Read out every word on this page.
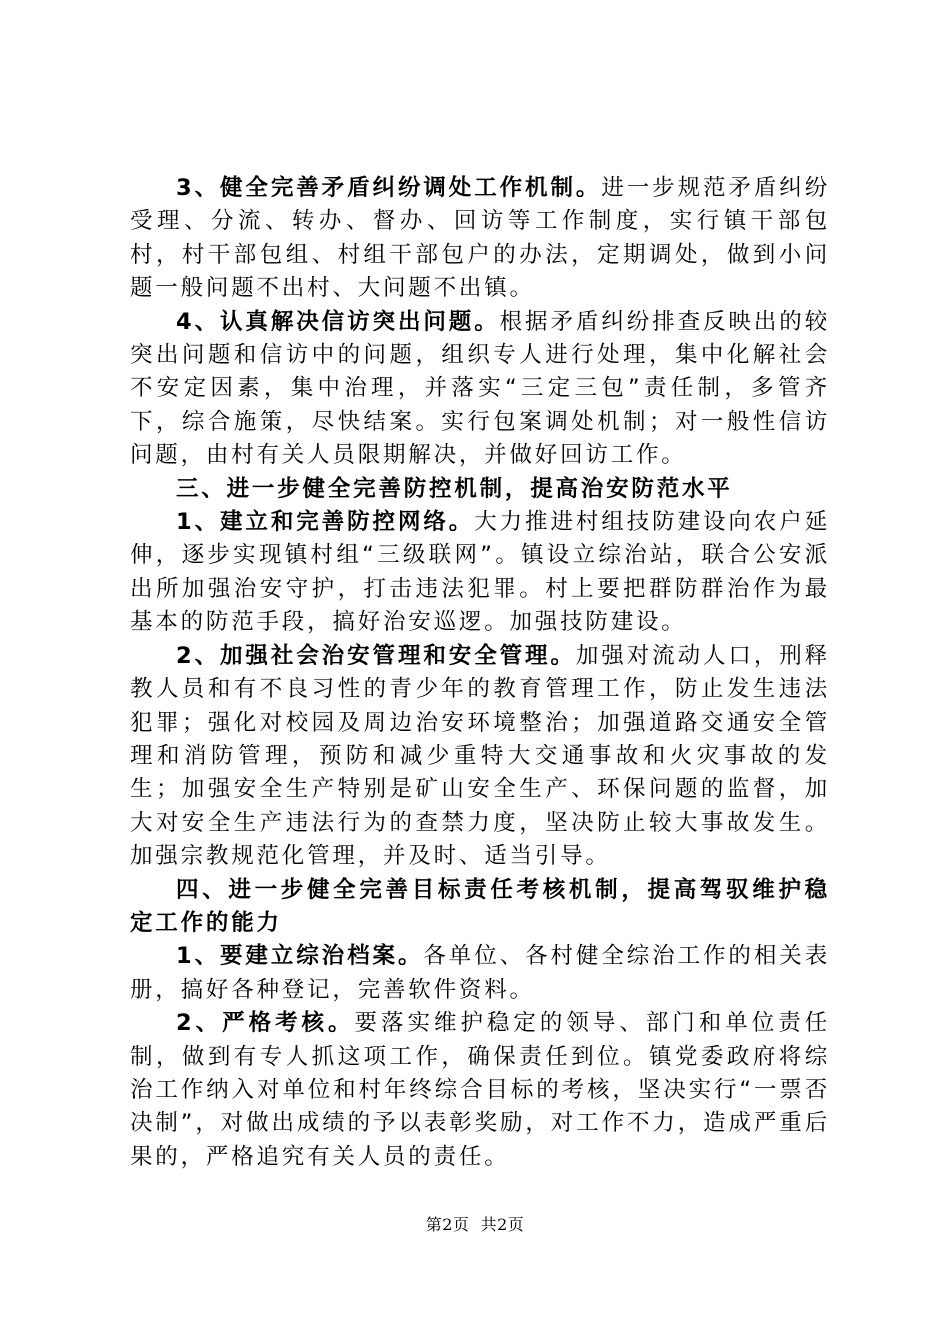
3、健全完善矛盾纠纷调处工作机制。进一步规范矛盾纠纷受理、分流、转办、督办、回访等工作制度，实行镇干部包村，村干部包组、村组干部包户的办法，定期调处，做到小问题一般问题不出村、大问题不出镇。

4、认真解决信访突出问题。根据矛盾纠纷排查反映出的较突出问题和信访中的问题，组织专人进行处理，集中化解社会不安定因素，集中治理，并落实“三定三包”责任制，多管齐下，综合施策，尽快结案。实行包案调处机制；对一般性信访问题，由村有关人员限期解决，并做好回访工作。

三、进一步健全完善防控机制，提高治安防范水平

1、建立和完善防控网络。大力推进村组技防建设向农户延伸，逐步实现镇村组“三级联网”。镇设立综治站，联合公安派出所加强治安守护，打击违法犯罪。村上要把群防群治作为最基本的防范手段，搞好治安巡逻。加强技防建设。

2、加强社会治安管理和安全管理。加强对流动人口，刑释教人员和有不良习性的青少年的教育管理工作，防止发生违法犯罪；强化对校园及周边治安环境整治；加强道路交通安全管理和消防管理，预防和减少重特大交通事故和火灾事故的发生；加强安全生产特别是矿山安全生产、环保问题的监督，加大对安全生产违法行为的查禁力度，坚决防止较大事故发生。加强宗教规范化管理，并及时、适当引导。

四、进一步健全完善目标责任考核机制，提高驾驭维护稳定工作的能力

1、要建立综治档案。各单位、各村健全综治工作的相关表册，搞好各种登记，完善软件资料。

2、严格考核。要落实维护稳定的领导、部门和单位责任制，做到有专人抓这项工作，确保责任到位。镇党委政府将综治工作纳入对单位和村年终综合目标的考核，坚决实行“一票否决制”，对做出成绩的予以表彰奖励，对工作不力，造成严重后果的，严格追究有关人员的责任。

第2页 共2页
